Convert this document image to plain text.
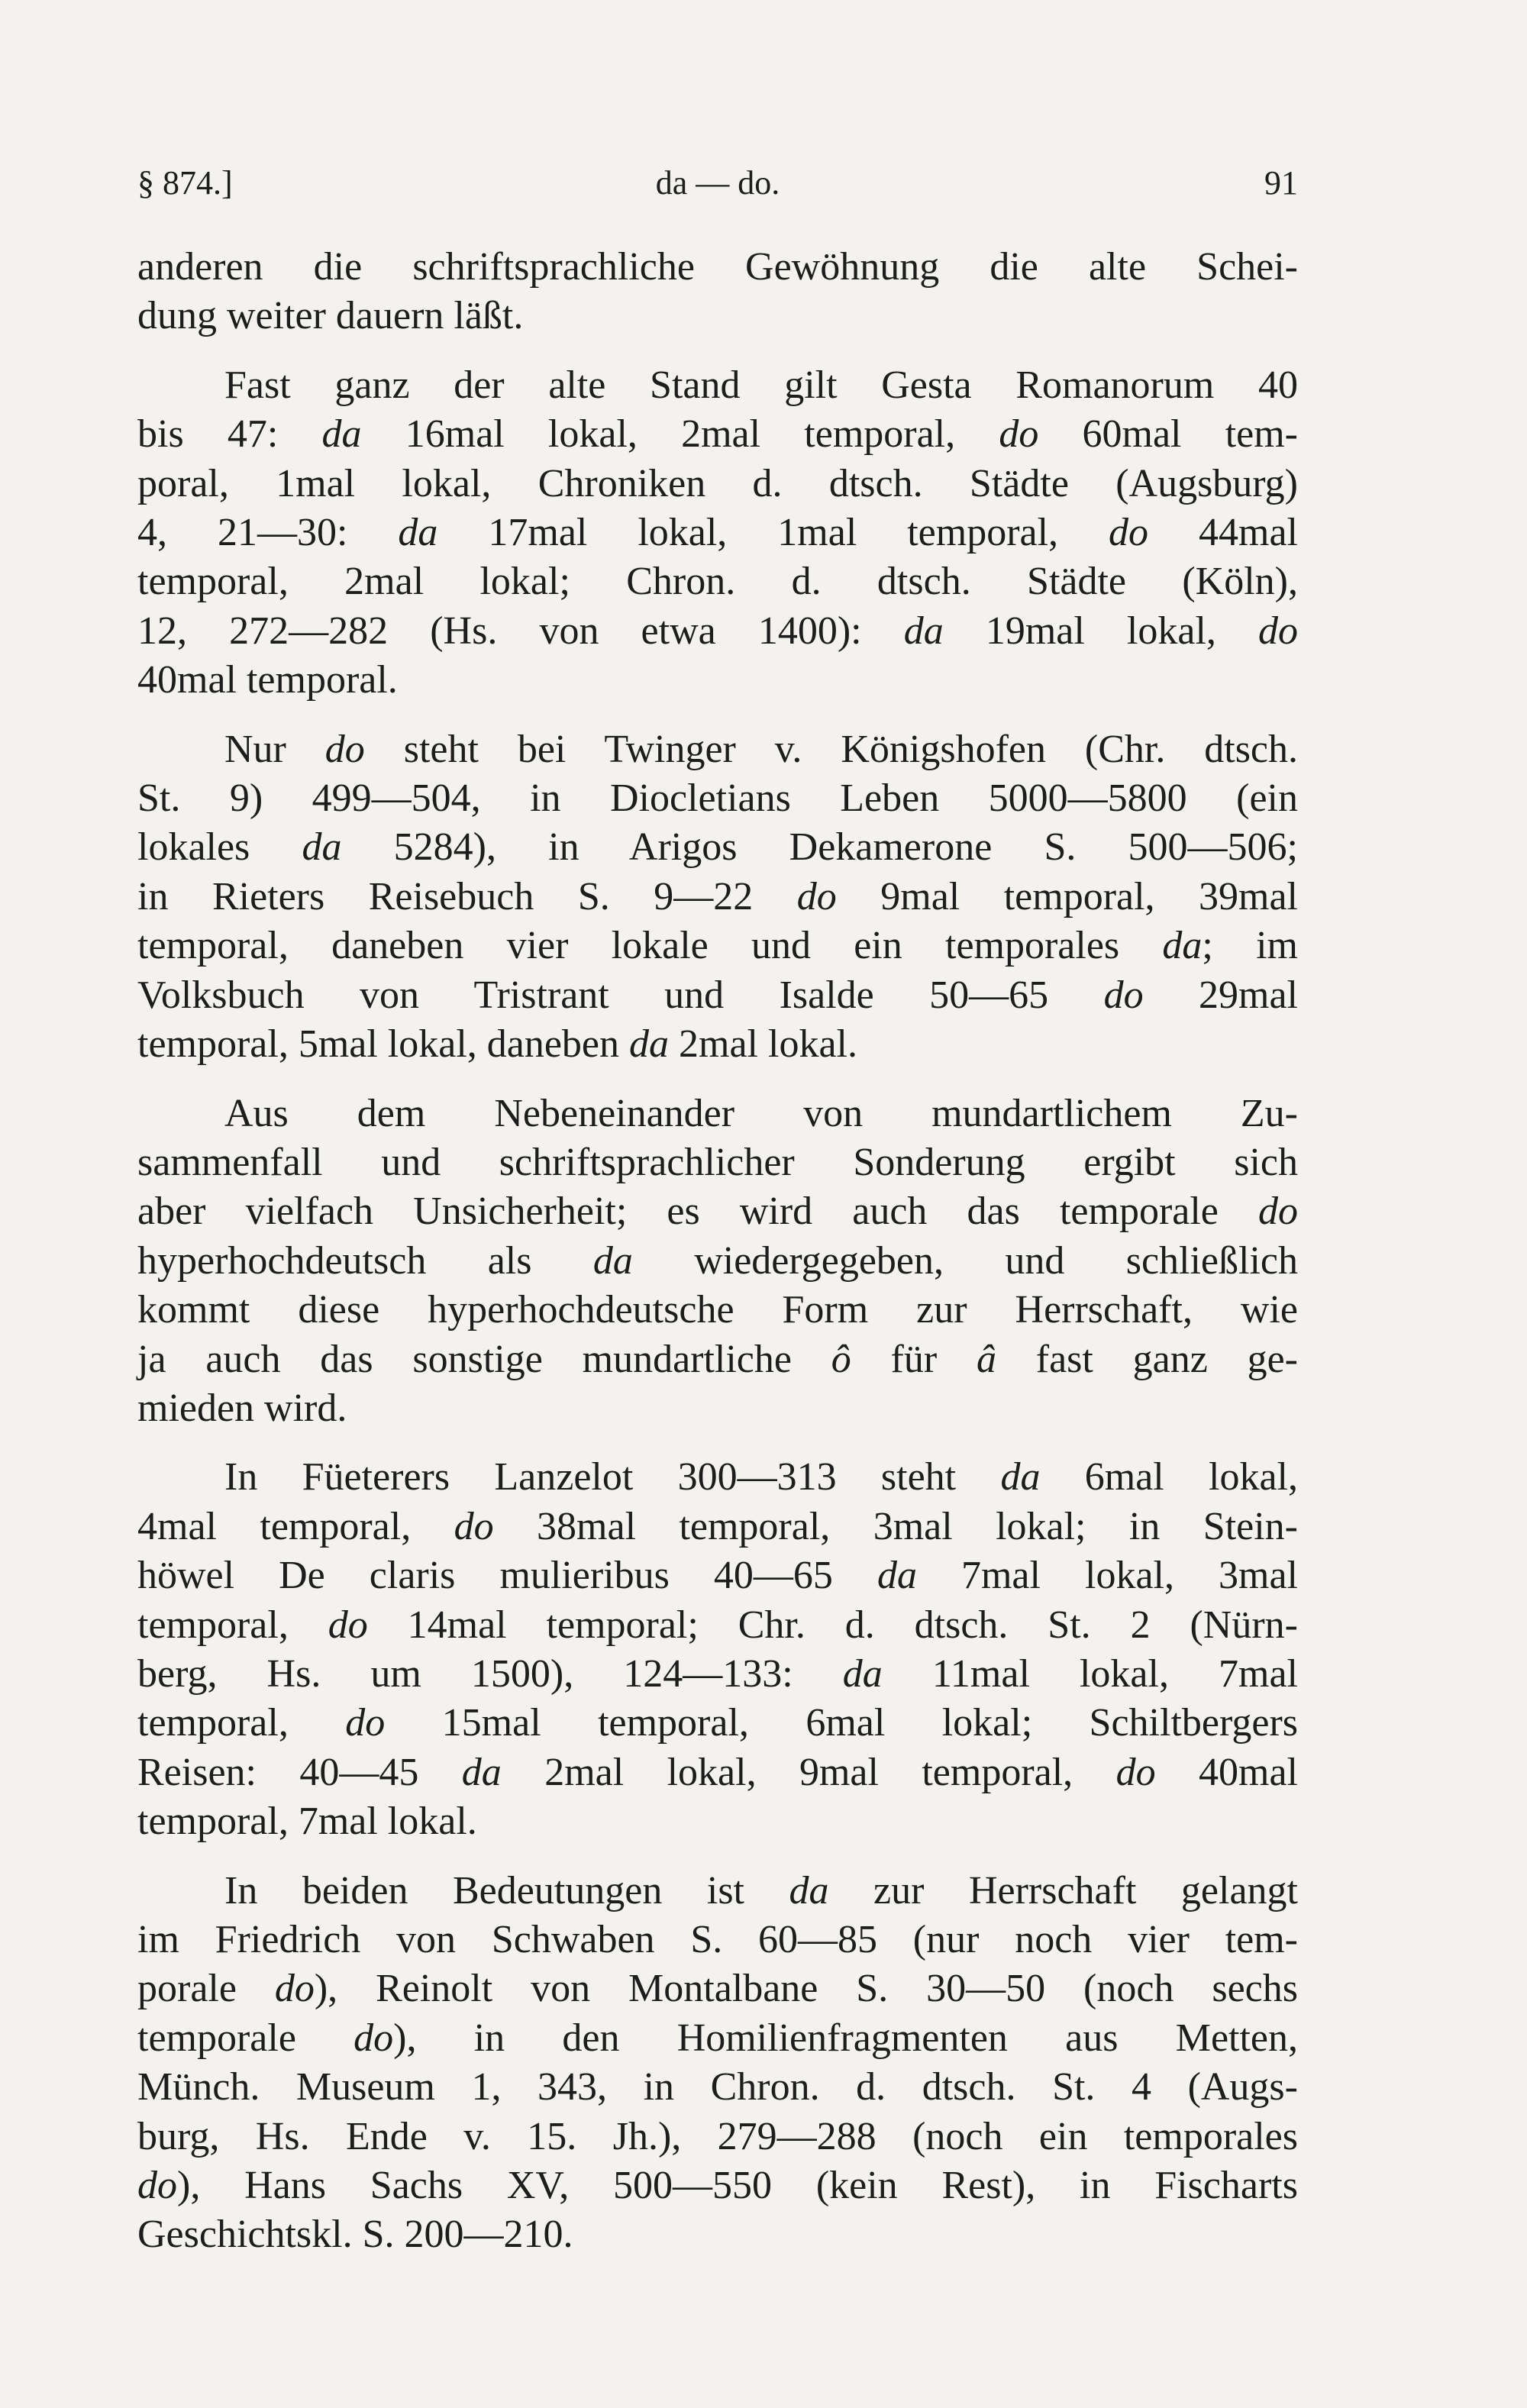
§ 874.]	da — do.	91
anderen die schriftsprachliche Gewöhnung die alte Schei-
dung weiter dauern läßt.
Fast ganz der alte Stand gilt Gesta Romanorum 40
bis 47: da 16mal lokal, 2mal temporal, do 60mal tem-
poral, 1mal lokal, Chroniken d. dtsch. Städte (Augsburg)
4, 21—30: da 17mal lokal, 1mal temporal, do 44mal
temporal, 2mal lokal; Chron. d. dtsch. Städte (Köln),
12, 272—282 (Hs. von etwa 1400): da 19mal lokal, do
40mal temporal.
Nur do steht bei Twinger v. Königshofen (Chr. dtsch.
St. 9) 499—504, in Diocletians Leben 5000—5800 (ein
lokales da 5284), in Arigos Dekamerone S. 500—506;
in Rieters Reisebuch S. 9—22 do 9mal temporal, 39mal
temporal, daneben vier lokale und ein temporales da; im
Volksbuch von Tristrant und Isalde 50—65 do 29mal
temporal, 5mal lokal, daneben da 2mal lokal.
Aus dem Nebeneinander von mundartlichem Zu-
sammenfall und schriftsprachlicher Sonderung ergibt sich
aber vielfach Unsicherheit; es wird auch das temporale do
hyperhochdeutsch als da wiedergegeben, und schließlich
kommt diese hyperhochdeutsche Form zur Herrschaft, wie
ja auch das sonstige mundartliche ô für â fast ganz ge-
mieden wird.
In Füeterers Lanzelot 300—313 steht da 6mal lokal,
4mal temporal, do 38mal temporal, 3mal lokal; in Stein-
höwel De claris mulieribus 40—65 da 7mal lokal, 3mal
temporal, do 14mal temporal; Chr. d. dtsch. St. 2 (Nürn-
berg, Hs. um 1500), 124—133: da 11mal lokal, 7mal
temporal, do 15mal temporal, 6mal lokal; Schiltbergers
Reisen: 40—45 da 2mal lokal, 9mal temporal, do 40mal
temporal, 7mal lokal.
In beiden Bedeutungen ist da zur Herrschaft gelangt
im Friedrich von Schwaben S. 60—85 (nur noch vier tem-
porale do), Reinolt von Montalbane S. 30—50 (noch sechs
temporale do), in den Homilienfragmenten aus Metten,
Münch. Museum 1, 343, in Chron. d. dtsch. St. 4 (Augs-
burg, Hs. Ende v. 15. Jh.), 279—288 (noch ein temporales
do), Hans Sachs XV, 500—550 (kein Rest), in Fischarts
Geschichtskl. S. 200—210.
